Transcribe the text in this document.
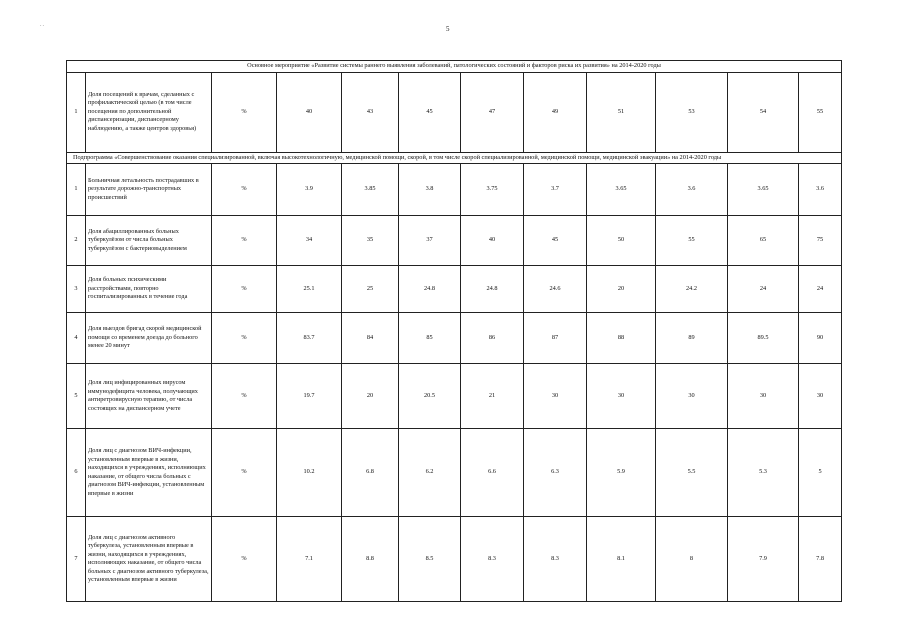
5
..
Основное мероприятие «Развитие системы раннего выявления заболеваний, патологических состояний и факторов риска их развития» на 2014-2020 годы											
1	Доля посещений к врачам, сделанных с профилактической целью (в том числе посещения по дополнительной диспансеризации, диспансерному наблюдению, а также центров здоровья)	%	40	43	45	47	49	51	53	54	55
Подпрограмма «Совершенствование оказания специализированной, включая высокотехнологичную, медицинской помощи, скорой, в том числе скорой специализированной, медицинской помощи, медицинской эвакуации» на 2014-2020 годы											
1	Больничная летальность пострадавших в результате дорожно-транспортных происшествий	%	3.9	3.85	3.8	3.75	3.7	3.65	3.6	3.65	3.6
2	Доля абациллированных больных туберкулёзом от числа больных туберкулёзом с бактериовыделением	%	34	35	37	40	45	50	55	65	75
3	Доля больных психическими расстройствами, повторно госпитализированных в течение года	%	25.1	25	24.8	24.8	24.6	20	24.2	24	24
4	Доля выездов бригад скорой медицинской помощи со временем доезда до больного менее 20 минут	%	83.7	84	85	86	87	88	89	89.5	90
5	Доля лиц инфицированных вирусом иммунодефицита человека, получающих антиретровирусную терапию, от числа состоящих на диспансерном учете	%	19.7	20	20.5	21	30	30	30	30	30
6	Доля лиц с диагнозом ВИЧ-инфекции, установленным впервые в жизни, находящихся в учреждениях, исполняющих наказание, от общего числа больных с диагнозом ВИЧ-инфекции, установленным впервые в жизни	%	10.2	6.8	6.2	6.6	6.3	5.9	5.5	5.3	5
7	Доля лиц с диагнозом активного туберкулеза, установленным впервые в жизни, находящихся в учреждениях, исполняющих наказание, от общего числа больных с диагнозом активного туберкулеза, установленным впервые в жизни	%	7.1	8.8	8.5	8.3	8.3	8.1	8	7.9	7.8
